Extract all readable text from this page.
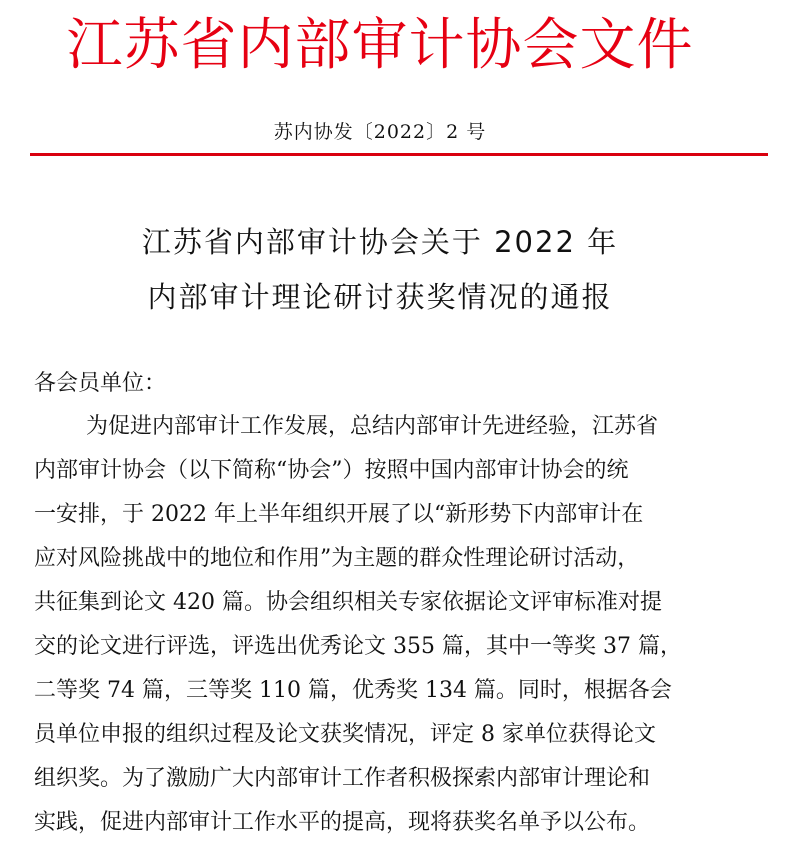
江苏省内部审计协会文件
苏内协发〔2022〕2 号
江苏省内部审计协会关于 2022 年
内部审计理论研讨获奖情况的通报
各会员单位：
为促进内部审计工作发展，总结内部审计先进经验，江苏省
内部审计协会（以下简称“协会”）按照中国内部审计协会的统
一安排，于 2022 年上半年组织开展了以“新形势下内部审计在
应对风险挑战中的地位和作用”为主题的群众性理论研讨活动，
共征集到论文 420 篇。协会组织相关专家依据论文评审标准对提
交的论文进行评选，评选出优秀论文 355 篇，其中一等奖 37 篇，
二等奖 74 篇，三等奖 110 篇，优秀奖 134 篇。同时，根据各会
员单位申报的组织过程及论文获奖情况，评定 8 家单位获得论文
组织奖。为了激励广大内部审计工作者积极探索内部审计理论和
实践，促进内部审计工作水平的提高，现将获奖名单予以公布。
